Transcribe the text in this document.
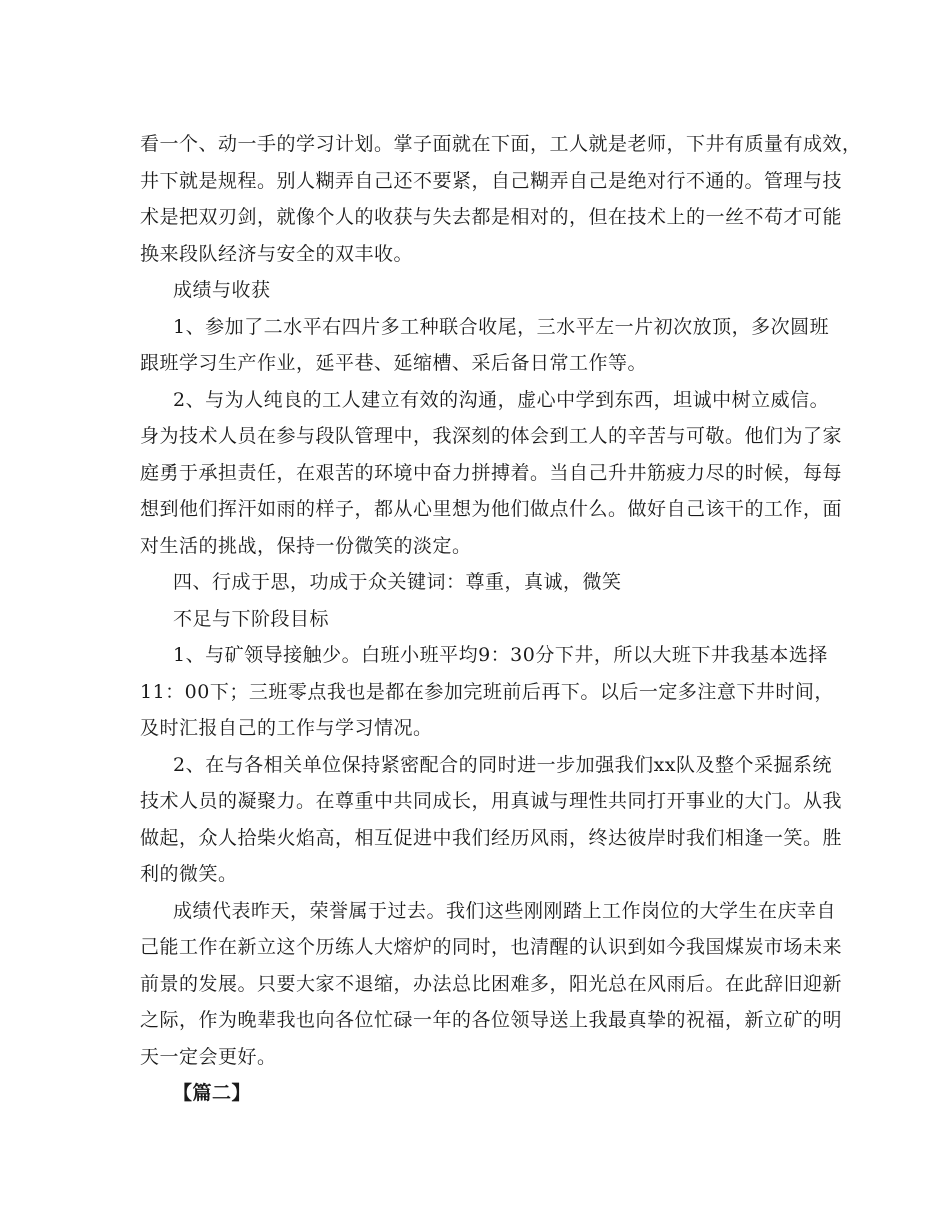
看一个、动一手的学习计划。掌子面就在下面，工人就是老师，下井有质量有成效，
井下就是规程。别人糊弄自己还不要紧，自己糊弄自己是绝对行不通的。管理与技
术是把双刃剑，就像个人的收获与失去都是相对的，但在技术上的一丝不苟才可能
换来段队经济与安全的双丰收。
成绩与收获
1、参加了二水平右四片多工种联合收尾，三水平左一片初次放顶，多次圆班
跟班学习生产作业，延平巷、延缩槽、采后备日常工作等。
2、与为人纯良的工人建立有效的沟通，虚心中学到东西，坦诚中树立威信。
身为技术人员在参与段队管理中，我深刻的体会到工人的辛苦与可敬。他们为了家
庭勇于承担责任，在艰苦的环境中奋力拼搏着。当自己升井筋疲力尽的时候，每每
想到他们挥汗如雨的样子，都从心里想为他们做点什么。做好自己该干的工作，面
对生活的挑战，保持一份微笑的淡定。
四、行成于思，功成于众关键词：尊重，真诚，微笑
不足与下阶段目标
1、与矿领导接触少。白班小班平均9：30分下井，所以大班下井我基本选择
11：00下；三班零点我也是都在参加完班前后再下。以后一定多注意下井时间，
及时汇报自己的工作与学习情况。
2、在与各相关单位保持紧密配合的同时进一步加强我们xx队及整个采掘系统
技术人员的凝聚力。在尊重中共同成长，用真诚与理性共同打开事业的大门。从我
做起，众人拾柴火焰高，相互促进中我们经历风雨，终达彼岸时我们相逢一笑。胜
利的微笑。
成绩代表昨天，荣誉属于过去。我们这些刚刚踏上工作岗位的大学生在庆幸自
己能工作在新立这个历练人大熔炉的同时，也清醒的认识到如今我国煤炭市场未来
前景的发展。只要大家不退缩，办法总比困难多，阳光总在风雨后。在此辞旧迎新
之际，作为晚辈我也向各位忙碌一年的各位领导送上我最真挚的祝福，新立矿的明
天一定会更好。
【篇二】
